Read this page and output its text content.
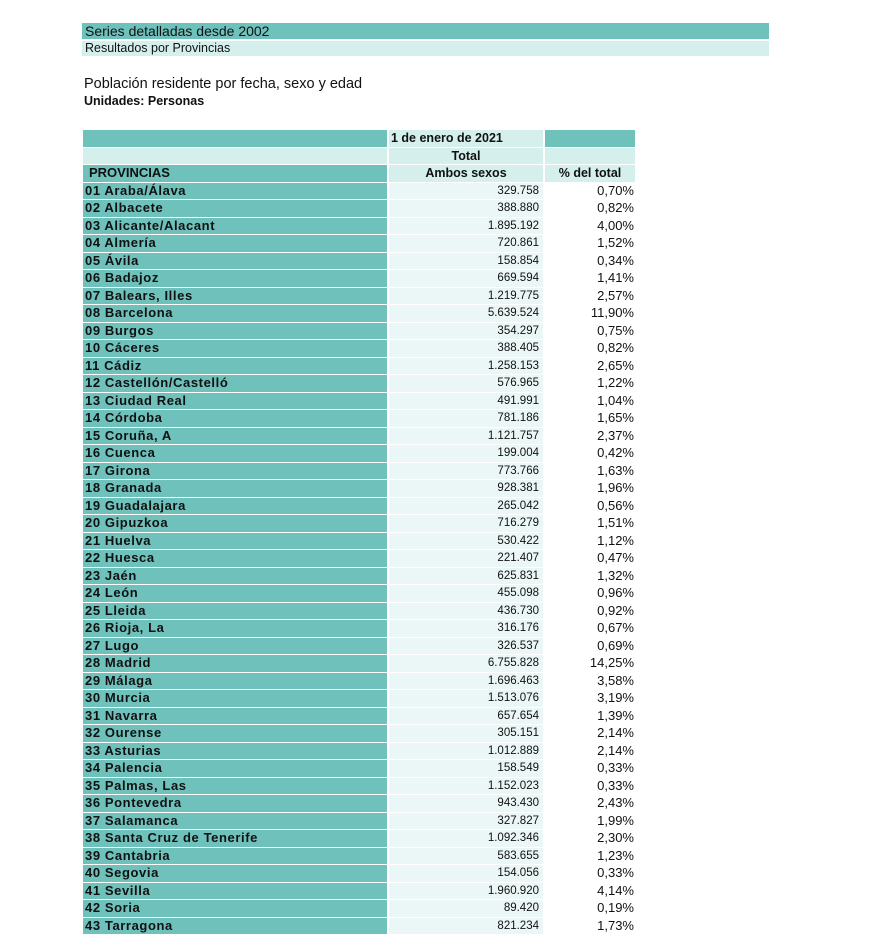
Series detalladas desde 2002
Resultados por Provincias
Población residente por fecha, sexo y edad
Unidades: Personas
	1 de enero de 2021	
	Total	
PROVINCIAS	Ambos sexos	% del total
01 Araba/Álava	329.758	0,70%
02 Albacete	388.880	0,82%
03 Alicante/Alacant	1.895.192	4,00%
04 Almería	720.861	1,52%
05 Ávila	158.854	0,34%
06 Badajoz	669.594	1,41%
07 Balears, Illes	1.219.775	2,57%
08 Barcelona	5.639.524	11,90%
09 Burgos	354.297	0,75%
10 Cáceres	388.405	0,82%
11 Cádiz	1.258.153	2,65%
12 Castellón/Castelló	576.965	1,22%
13 Ciudad Real	491.991	1,04%
14 Córdoba	781.186	1,65%
15 Coruña, A	1.121.757	2,37%
16 Cuenca	199.004	0,42%
17 Girona	773.766	1,63%
18 Granada	928.381	1,96%
19 Guadalajara	265.042	0,56%
20 Gipuzkoa	716.279	1,51%
21 Huelva	530.422	1,12%
22 Huesca	221.407	0,47%
23 Jaén	625.831	1,32%
24 León	455.098	0,96%
25 Lleida	436.730	0,92%
26 Rioja, La	316.176	0,67%
27 Lugo	326.537	0,69%
28 Madrid	6.755.828	14,25%
29 Málaga	1.696.463	3,58%
30 Murcia	1.513.076	3,19%
31 Navarra	657.654	1,39%
32 Ourense	305.151	2,14%
33 Asturias	1.012.889	2,14%
34 Palencia	158.549	0,33%
35 Palmas, Las	1.152.023	0,33%
36 Pontevedra	943.430	2,43%
37 Salamanca	327.827	1,99%
38 Santa Cruz de Tenerife	1.092.346	2,30%
39 Cantabria	583.655	1,23%
40 Segovia	154.056	0,33%
41 Sevilla	1.960.920	4,14%
42 Soria	89.420	0,19%
43 Tarragona	821.234	1,73%
